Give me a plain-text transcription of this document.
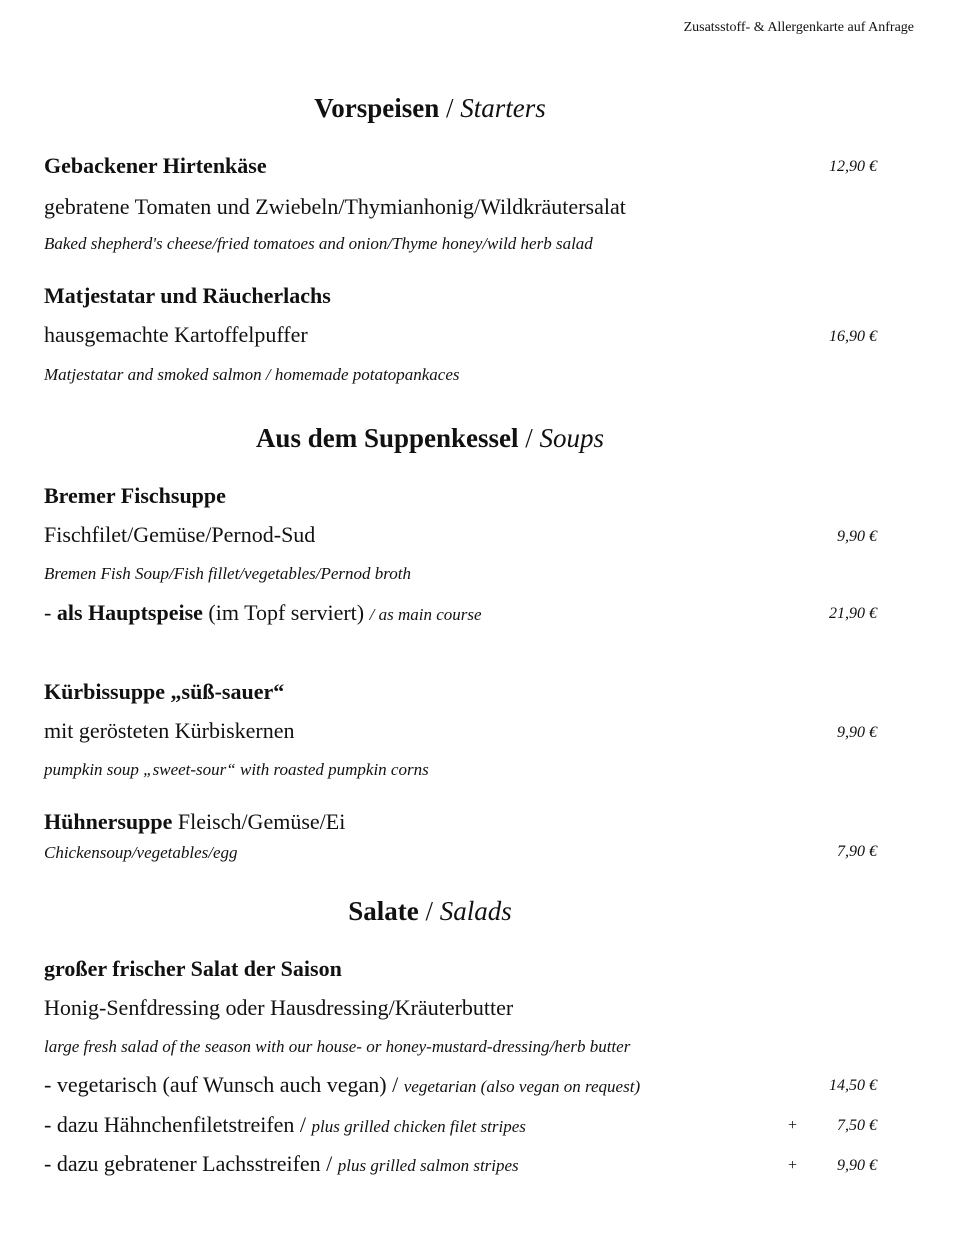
Zusatsstoff- & Allergenkarte auf Anfrage
Vorspeisen / Starters
Gebackener Hirtenkäse	12,90 €
gebratene Tomaten und Zwiebeln/Thymianhonig/Wildkräutersalat
Baked shepherd's cheese/fried tomatoes and onion/Thyme honey/wild herb salad
Matjestatar und Räucherlachs
hausgemachte Kartoffelpuffer	16,90 €
Matjestatar and smoked salmon / homemade potatopankaces
Aus dem Suppenkessel / Soups
Bremer Fischsuppe
Fischfilet/Gemüse/Pernod-Sud	9,90 €
Bremen Fish Soup/Fish fillet/vegetables/Pernod broth
- als Hauptspeise (im Topf serviert) / as main course	21,90 €
Kürbissuppe „süß-sauer“
mit gerösteten Kürbiskernen	9,90 €
pumpkin soup „sweet-sour“ with roasted pumpkin corns
Hühnersuppe Fleisch/Gemüse/Ei
Chickensoup/vegetables/egg	7,90 €
Salate / Salads
großer frischer Salat der Saison
Honig-Senfdressing oder Hausdressing/Kräuterbutter
large fresh salad of the season with our house- or honey-mustard-dressing/herb butter
- vegetarisch (auf Wunsch auch vegan) / vegetarian (also vegan on request)	14,50 €
- dazu Hähnchenfiletstreifen / plus grilled chicken filet stripes	+ 7,50 €
- dazu gebratener Lachsstreifen / plus grilled salmon stripes	+ 9,90 €
